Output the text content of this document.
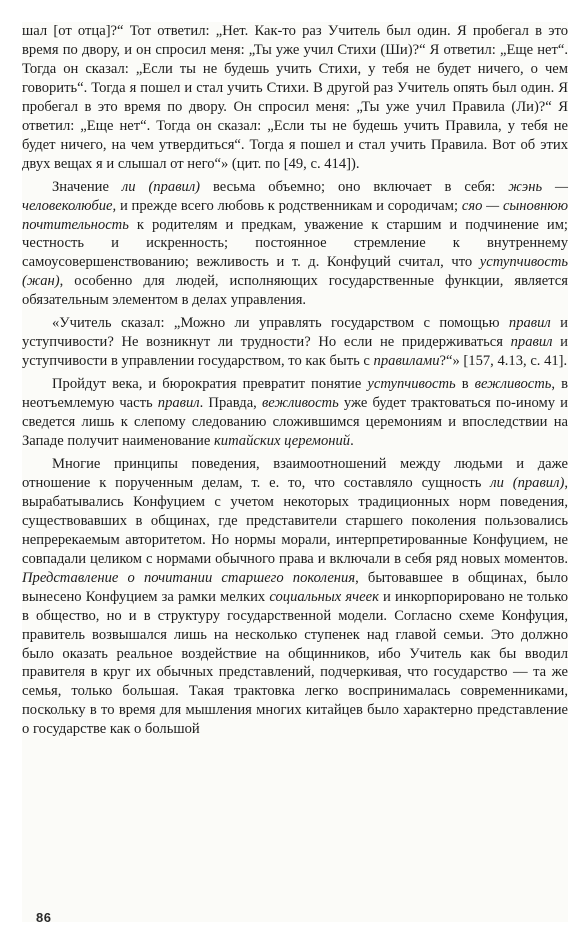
шал [от отца]?“ Тот ответил: „Нет. Как-то раз Учитель был один. Я пробегал в это время по двору, и он спросил меня: „Ты уже учил Стихи (Ши)?“ Я ответил: „Еще нет“. Тогда он сказал: „Если ты не будешь учить Стихи, у тебя не будет ничего, о чем говорить“. Тогда я пошел и стал учить Стихи. В другой раз Учитель опять был один. Я пробегал в это время по двору. Он спросил меня: „Ты уже учил Правила (Ли)?“ Я ответил: „Еще нет“. Тогда он сказал: „Если ты не будешь учить Правила, у тебя не будет ничего, на чем утвердиться“. Тогда я пошел и стал учить Правила. Вот об этих двух вещах я и слышал от него“» (цит. по [49, с. 414]).

Значение ли (правил) весьма объемно; оно включает в себя: жэнь — человеколюбие, и прежде всего любовь к родственникам и сородичам; сяо — сыновнюю почтительность к родителям и предкам, уважение к старшим и подчинение им; честность и искренность; постоянное стремление к внутреннему самоусовершенствованию; вежливость и т. д. Конфуций считал, что уступчивость (жан), особенно для людей, исполняющих государственные функции, является обязательным элементом в делах управления.

«Учитель сказал: „Можно ли управлять государством с помощью правил и уступчивости? Не возникнут ли трудности? Но если не придерживаться правил и уступчивости в управлении государством, то как быть с правилами?“» [157, 4.13, с. 41].

Пройдут века, и бюрократия превратит понятие уступчивость в вежливость, в неотъемлемую часть правил. Правда, вежливость уже будет трактоваться по-иному и сведется лишь к слепому следованию сложившимся церемониям и впоследствии на Западе получит наименование китайских церемоний.

Многие принципы поведения, взаимоотношений между людьми и даже отношение к порученным делам, т. е. то, что составляло сущность ли (правил), вырабатывались Конфуцием с учетом некоторых традиционных норм поведения, существовавших в общинах, где представители старшего поколения пользовались непререкаемым авторитетом. Но нормы морали, интерпретированные Конфуцием, не совпадали целиком с нормами обычного права и включали в себя ряд новых моментов. Представление о почитании старшего поколения, бытовавшее в общинах, было вынесено Конфуцием за рамки мелких социальных ячеек и инкорпорировано не только в общество, но и в структуру государственной модели. Согласно схеме Конфуция, правитель возвышался лишь на несколько ступенек над главой семьи. Это должно было оказать реальное воздействие на общинников, ибо Учитель как бы вводил правителя в круг их обычных представлений, подчеркивая, что государство — та же семья, только большая. Такая трактовка легко воспринималась современниками, поскольку в то время для мышления многих китайцев было характерно представление о государстве как о большой

86
